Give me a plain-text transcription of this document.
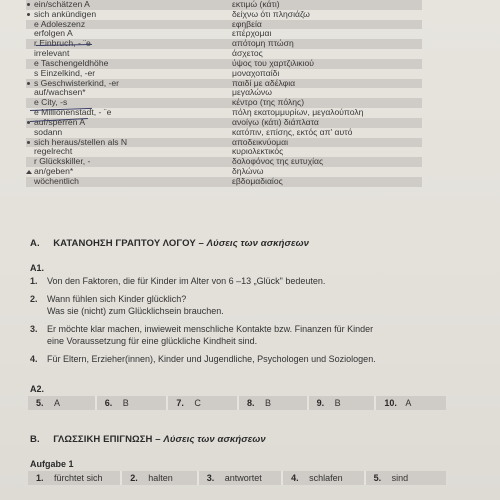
ein/schätzen A	εκτιμώ (κάτι)
sich ankündigen	δείχνω ότι πλησιάζω
e Adoleszenz	εφηβεία
erfolgen A	επέρχομαι
r Einbruch, - ¨e	απότομη πτώση
irrelevant	άσχετος
e Taschengeldhöhe	ύψος του χαρτζιλικιού
s Einzelkind, -er	μοναχοπαίδι
s Geschwisterkind, -er	παιδί με αδέλφια
auf/wachsen*	μεγαλώνω
e City, -s	κέντρο (της πόλης)
e Millionenstadt, - ¨e	πόλη εκατομμυρίων, μεγαλούπολη
auf/sperren A	ανοίγω (κάτι) διάπλατα
sodann	κατόπιν, επίσης, εκτός απ' αυτό
sich heraus/stellen als N	αποδεικνύομαι
regelrecht	κυριολεκτικός
r Glückskiller, -	δολοφόνος της ευτυχίας
an/geben*	δηλώνω
wöchentlich	εβδομαδιαίος
A. ΚΑΤΑΝΟΗΣΗ ΓΡΑΠΤΟΥ ΛΟΓΟΥ – Λύσεις των ασκήσεων
A1.
1. Von den Faktoren, die für Kinder im Alter von 6 –13 „Glück" bedeuten.
2. Wann fühlen sich Kinder glücklich?
Was sie (nicht) zum Glücklichsein brauchen.
3. Er möchte klar machen, inwieweit menschliche Kontakte bzw. Finanzen für Kinder
eine Voraussetzung für eine glückliche Kindheit sind.
4. Für Eltern, Erzieher(innen), Kinder und Jugendliche, Psychologen und Soziologen.
A2.
5. A	6. B	7. C	8. B	9. B	10. A
B. ΓΛΩΣΣΙΚΗ ΕΠΙΓΝΩΣΗ – Λύσεις των ασκήσεων
Aufgabe 1
1. fürchtet sich	2. halten	3. antwortet	4. schlafen	5. sind
